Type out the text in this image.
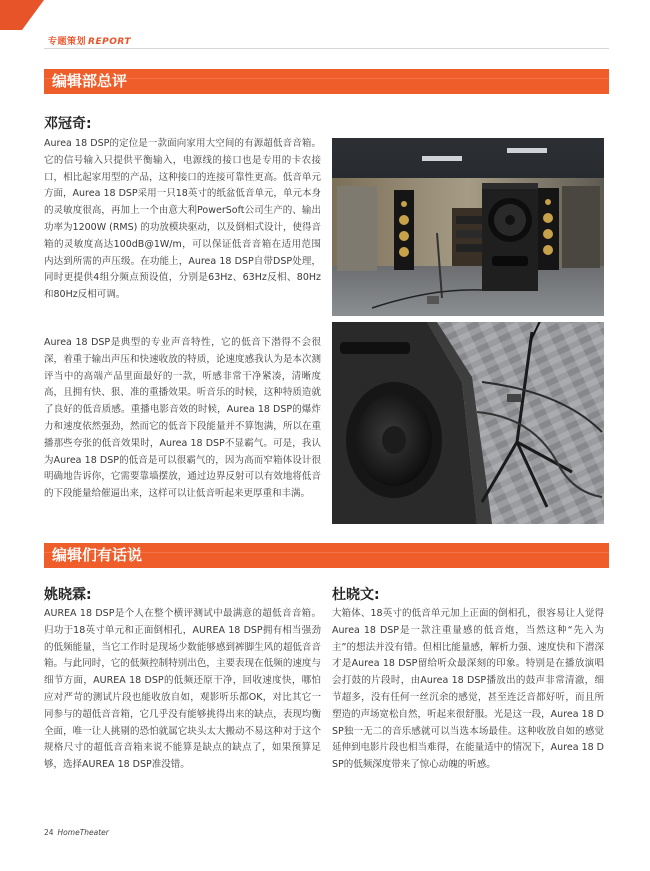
专题策划 REPORT
编辑部总评
邓冠奇:

Aurea 18 DSP的定位是一款面向家用大空间的有源超低音音箱。它的信号输入只提供平衡输入，电源线的接口也是专用的卡农接口，相比起家用型的产品，这种接口的连接可靠性更高。低音单元方面，Aurea 18 DSP采用一只18英寸的纸盆低音单元，单元本身的灵敏度很高，再加上一个由意大利PowerSoft公司生产的、输出功率为1200W (RMS) 的功放模块驱动，以及倒相式设计，使得音箱的灵敏度高达100dB@1W/m，可以保证低音音箱在适用范围内达到所需的声压级。在功能上，Aurea 18 DSP自带DSP处理，同时更提供4组分频点预设值，分别是63Hz、63Hz反相、80Hz和80Hz反相可调。

Aurea 18 DSP是典型的专业声音特性，它的低音下潜得不会很深，着重于输出声压和快速收放的特质，论速度感我认为是本次测评当中的高端产品里面最好的一款，听感非常干净紧凑，清晰度高，且拥有快、狠、准的重播效果。听音乐的时候，这种特质造就了良好的低音质感。重播电影音效的时候，Aurea 18 DSP的爆炸力和速度依然强劲，然而它的低音下段能量并不算饱满，所以在重播那些夸张的低音效果时，Aurea 18 DSP不显霸气。可是，我认为Aurea 18 DSP的低音是可以很霸气的，因为高而窄箱体设计很明确地告诉你，它需要靠墙摆放，通过边界反射可以有效地将低音的下段能量给催逼出来，这样可以让低音听起来更厚重和丰满。

编辑们有话说
姚晓霖:

AUREA 18 DSP是个人在整个横评测试中最满意的超低音音箱。归功于18英寸单元和正面倒相孔，AUREA 18 DSP拥有相当强劲的低频能量，当它工作时是现场少数能够感到裤脚生风的超低音音箱。与此同时，它的低频控制特别出色，主要表现在低频的速度与细节方面，AUREA 18 DSP的低频还原干净，回收速度快，哪怕应对严苛的测试片段也能收放自如，观影听乐都OK，对比其它一同参与的超低音音箱，它几乎没有能够挑得出来的缺点，表现均衡全面，唯一让人挑剔的恐怕就属它块头太大搬动不易这种对于这个规格尺寸的超低音音箱来说不能算是缺点的缺点了，如果预算足够，选择AUREA 18 DSP准没错。

杜晓文:

大箱体、18英寸的低音单元加上正面的倒相孔，很容易让人觉得Aurea 18 DSP是一款注重量感的低音炮，当然这种“先入为主”的想法并没有错。但相比能量感，解析力强、速度快和下潜深才是Aurea 18 DSP留给听众最深刻的印象。特别是在播放演唱会打鼓的片段时，由Aurea 18 DSP播放出的鼓声非常清澈，细节超多，没有任何一丝沉余的感觉，甚至连泛音都好听，而且所塑造的声场宽松自然，听起来很舒服。光是这一段，Aurea 18 DSP独一无二的音乐感就可以当选本场最佳。这种收放自如的感觉延伸到电影片段也相当难得，在能量适中的情况下，Aurea 18 DSP的低频深度带来了惊心动魄的听感。

24 HomeTheater
